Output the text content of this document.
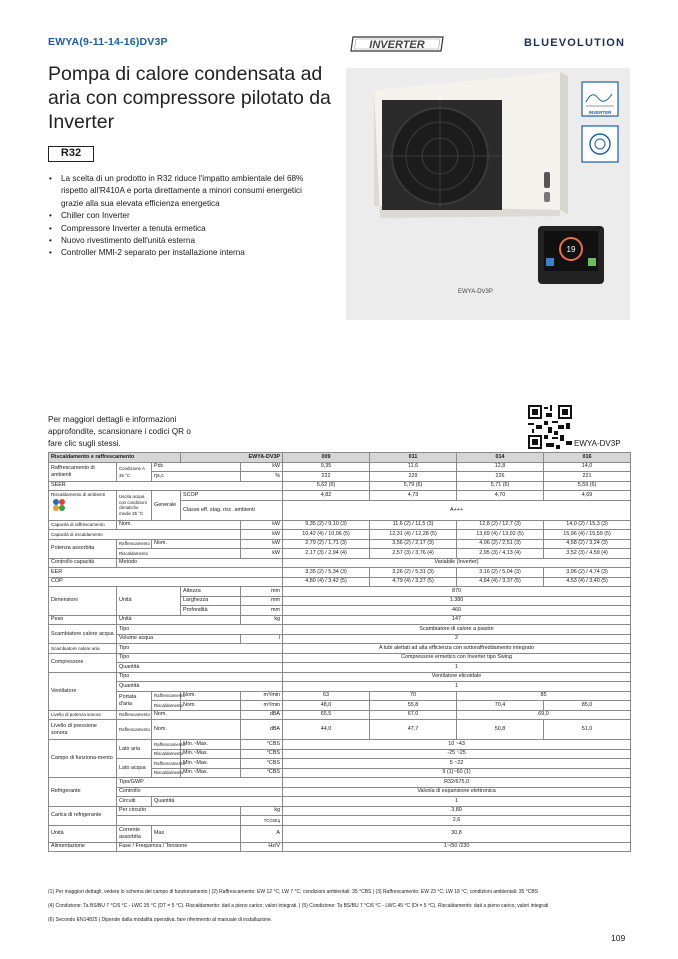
EWYA(9-11-14-16)DV3P	INVERTER	BLUEVOLUTION
Pompa di calore condensata ad aria con compressore pilotato da Inverter
R32
• La scelta di un prodotto in R32 riduce l'impatto ambientale del 68% rispetto all'R410A e porta direttamente a minori consumi energetici grazie alla sua elevata efficienza energetica
• Chiller con Inverter
• Compressore Inverter a tenuta ermetica
• Nuovo rivestimento dell'unità esterna
• Controller MMI-2 separato per installazione interna
INVERTER
19
EWYA-DV3P
Per maggiori dettagli e informazioni approfondite, scansionare i codici QR o fare clic sugli stessi.	EWYA-DV3P
Riscaldamento e raffrescamento			EWYA-DV3P		009	011	014	016
Raffrescamento di ambienti	Condizione A 35 °C	Pdc		kW	9,35	11,6	12,8	14,0
		ηs,c		%	222	229	226	221
SEER					5,62 (6)	5,79 (6)	5,71 (6)	5,59 (6)
Riscaldamento di ambienti	Uscita acqua con condizioni climatiche medie 35 °C	Generale	SCOP		4,82	4,73	4,70	4,69
			Classe eff. stag. risc. ambienti		A+++			
Capacità di raffrescamento	Nom.			kW	9,35 (2) / 9,10 (3)	11,6 (2) / 11,5 (3)	12,8 (2) / 12,7 (3)	14,0 (2) / 15,3 (3)
Capacità di riscaldamento				kW	10,42 (4) / 10,06 (5)	12,31 (4) / 12,28 (5)	13,69 (4) / 13,92 (5)	15,96 (4) / 15,59 (5)
Potenza assorbita	Raffrescamento	Nom.		kW	2,79 (2) / 1,71 (3)	3,56 (2) / 2,17 (3)	4,06 (2) / 2,51 (3)	4,58 (2) / 3,24 (3)
	Riscaldamento			kW	2,17 (3) / 2,94 (4)	2,57 (3) / 3,76 (4)	2,95 (3) / 4,13 (4)	3,52 (3) / 4,59 (4)
Controllo capacità	Metodo				Variabile (Inverter)			
EER					3,35 (2) / 5,34 (3)	3,26 (2) / 5,31 (3)	3,16 (2) / 5,04 (3)	3,06 (2) / 4,74 (3)
COP					4,80 (4) / 3,42 (5)	4,79 (4) / 3,27 (5)	4,64 (4) / 3,37 (5)	4,53 (4) / 3,40 (5)
Dimensioni	Unità		Altezza	mm	870			
			Larghezza	mm	1.380			
			Profondità	mm	460			
Peso	Unità			kg	147			
Scambiatore calore acqua	Tipo				Scambiatore di calore a piastre			
	Volume acqua			l	2			
Scambiatore calore aria	Tipo				A tubi alettati ad alta efficienza con sottoraffreddamento integrato			
Compressore	Tipo				Compressore ermetico con Inverter tipo Swing			
	Quantità				1			
Ventilatore	Tipo				Ventilatore elicoidale			
	Quantità				1			
	Portata d'aria	Raffrescamento	Nom.	m³/min	63	70	85	
		Riscaldamento	Nom.	m³/min	48,0	55,8	70,4	85,0
Livello di potenza sonora	Raffrescamento	Nom.		dBA	65,5	67,0	69,0	
Livello di pressione sonora	Raffrescamento	Nom.		dBA	44,0	47,7	50,8	51,0
Campo di funziona-mento	Lato aria	Raffrescamento	Min.~Max.	°CBS	10 ~43			
		Riscaldamento	Min.~Max.	°CBS	-25 ~25			
	Lato acqua	Raffrescamento	Min.~Max.	°CBS	5 ~22			
		Riscaldamento	Min.~Max.	°CBS	9 (1)~60 (1)			
Refrigerante	Tipo/GWP				R32/675,0			
	Controllo				Valvola di espansione elettronica			
	Circuiti	Quantità			1			
Carica di refrigerante	Per circuito			kg	3,80			
				TCO2Eq	2,6			
Unità	Corrente assorbita	Max		A	30,8			
Alimentazione	Fase / Frequenza / Tensione			Hz/V	1~/50 /230			
(1) Per maggiori dettagli, vedere lo schema del campo di funzionamento | (2) Raffrescamento: EW 12 °C; LW 7 °C; condizioni ambientali: 35 °CBS | (3) Raffrescamento: EW 23 °C; LW 18 °C; condizioni ambientali: 35 °CBS
(4) Condizione: Ta BS/BU 7 °C/6 °C - LWC 35 °C (DT = 5 °C). Riscaldamento: dati a pieno carico; valori integrati. | (5) Condizione: Ta BS/BU 7 °C/6 °C - LWC 45 °C (Dt = 5 °C). Riscaldamento: dati a pieno carico; valori integrati
(6) Secondo EN14825 | Dipende dalla modalità operativa, fare riferimento al manuale di installazione.
109
